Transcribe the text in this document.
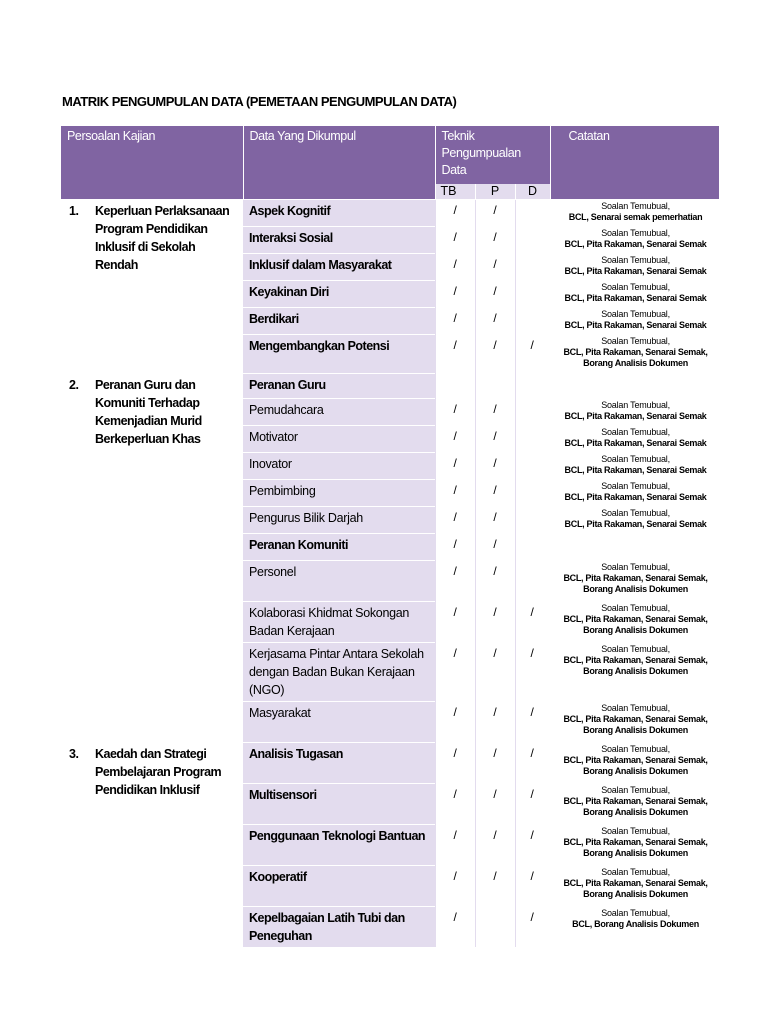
MATRIK PENGUMPULAN DATA (PEMETAAN PENGUMPULAN DATA)
Persoalan Kajian	Data Yang Dikumpul	Teknik Pengumpualan Data			Catatan
		TB	P	D	

1. Keperluan Perlaksanaan Program Pendidikan Inklusif di Sekolah Rendah	Aspek Kognitif	/	/		Soalan Temubual,
BCL, Senarai semak pemerhatian

	Interaksi Sosial	/	/		Soalan Temubual,
BCL, Pita Rakaman, Senarai Semak

	Inklusif dalam Masyarakat	/	/		Soalan Temubual,
BCL, Pita Rakaman, Senarai Semak

	Keyakinan Diri	/	/		Soalan Temubual,
BCL, Pita Rakaman, Senarai Semak

	Berdikari	/	/		Soalan Temubual,
BCL, Pita Rakaman, Senarai Semak

	Mengembangkan Potensi	/	/	/	Soalan Temubual,
BCL, Pita Rakaman, Senarai Semak,
Borang Analisis Dokumen

2. Peranan Guru dan Komuniti Terhadap Kemenjadian Murid Berkeperluan Khas	Peranan Guru				

	Pemudahcara	/	/		Soalan Temubual,
BCL, Pita Rakaman, Senarai Semak

	Motivator	/	/		Soalan Temubual,
BCL, Pita Rakaman, Senarai Semak

	Inovator	/	/		Soalan Temubual,
BCL, Pita Rakaman, Senarai Semak

	Pembimbing	/	/		Soalan Temubual,
BCL, Pita Rakaman, Senarai Semak

	Pengurus Bilik Darjah	/	/		Soalan Temubual,
BCL, Pita Rakaman, Senarai Semak

	Peranan Komuniti	/	/		

	Personel	/	/		Soalan Temubual,
BCL, Pita Rakaman, Senarai Semak,
Borang Analisis Dokumen

	Kolaborasi Khidmat Sokongan Badan Kerajaan	/	/	/	Soalan Temubual,
BCL, Pita Rakaman, Senarai Semak,
Borang Analisis Dokumen

	Kerjasama Pintar Antara Sekolah dengan Badan Bukan Kerajaan (NGO)	/	/	/	Soalan Temubual,
BCL, Pita Rakaman, Senarai Semak,
Borang Analisis Dokumen

	Masyarakat	/	/	/	Soalan Temubual,
BCL, Pita Rakaman, Senarai Semak,
Borang Analisis Dokumen

3. Kaedah dan Strategi Pembelajaran Program Pendidikan Inklusif	Analisis Tugasan	/	/	/	Soalan Temubual,
BCL, Pita Rakaman, Senarai Semak,
Borang Analisis Dokumen

	Multisensori	/	/	/	Soalan Temubual,
BCL, Pita Rakaman, Senarai Semak,
Borang Analisis Dokumen

	Penggunaan Teknologi Bantuan	/	/	/	Soalan Temubual,
BCL, Pita Rakaman, Senarai Semak,
Borang Analisis Dokumen

	Kooperatif	/	/	/	Soalan Temubual,
BCL, Pita Rakaman, Senarai Semak,
Borang Analisis Dokumen

	Kepelbagaian Latih Tubi dan Peneguhan	/		/	Soalan Temubual,
BCL, Borang Analisis Dokumen
